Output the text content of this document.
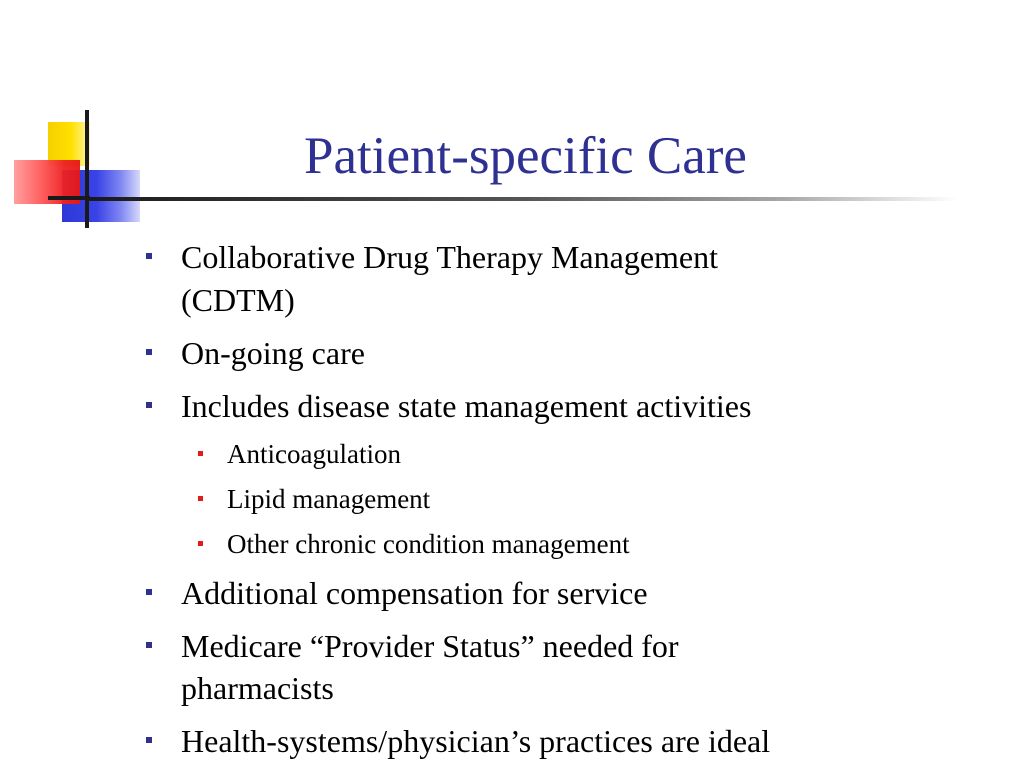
Patient-specific Care
Collaborative Drug Therapy Management
(CDTM)
On-going care
Includes disease state management activities
Anticoagulation
Lipid management
Other chronic condition management
Additional compensation for service
Medicare “Provider Status” needed for
pharmacists
Health-systems/physician’s practices are ideal
